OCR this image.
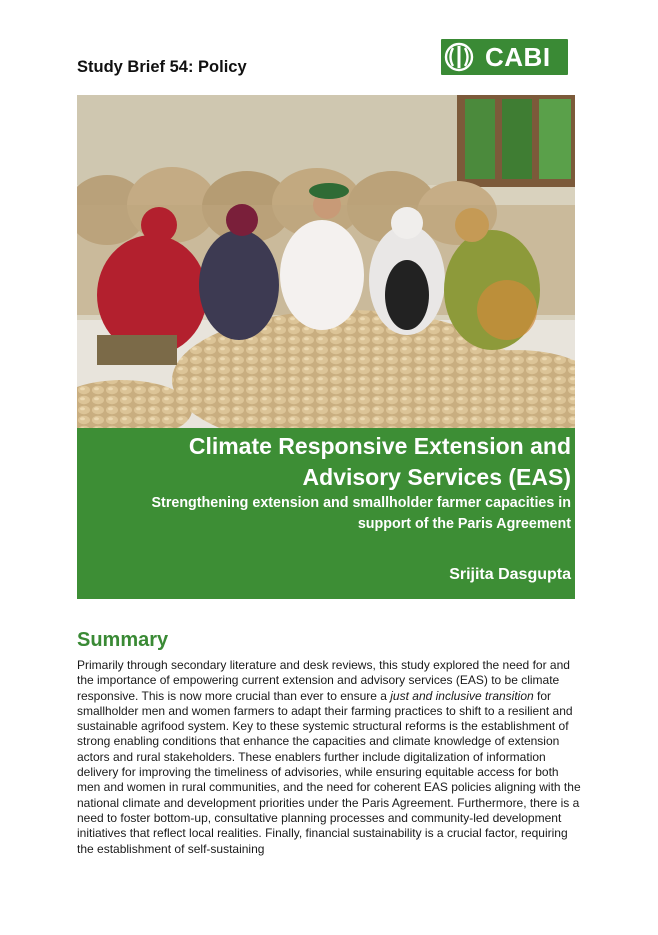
Study Brief 54: Policy	CABI
Climate Responsive Extension and
Advisory Services (EAS)
Strengthening extension and smallholder farmer capacities in
support of the Paris Agreement
Srijita Dasgupta
Summary
Primarily through secondary literature and desk reviews, this study explored the need for and the importance of empowering current extension and advisory services (EAS) to be climate responsive. This is now more crucial than ever to ensure a just and inclusive transition for smallholder men and women farmers to adapt their farming practices to shift to a resilient and sustainable agrifood system. Key to these systemic structural reforms is the establishment of strong enabling conditions that enhance the capacities and climate knowledge of extension actors and rural stakeholders. These enablers further include digitalization of information delivery for improving the timeliness of advisories, while ensuring equitable access for both men and women in rural communities, and the need for coherent EAS policies aligning with the national climate and development priorities under the Paris Agreement. Furthermore, there is a need to foster bottom-up, consultative planning processes and community-led development initiatives that reflect local realities. Finally, financial sustainability is a crucial factor, requiring the establishment of self-sustaining
